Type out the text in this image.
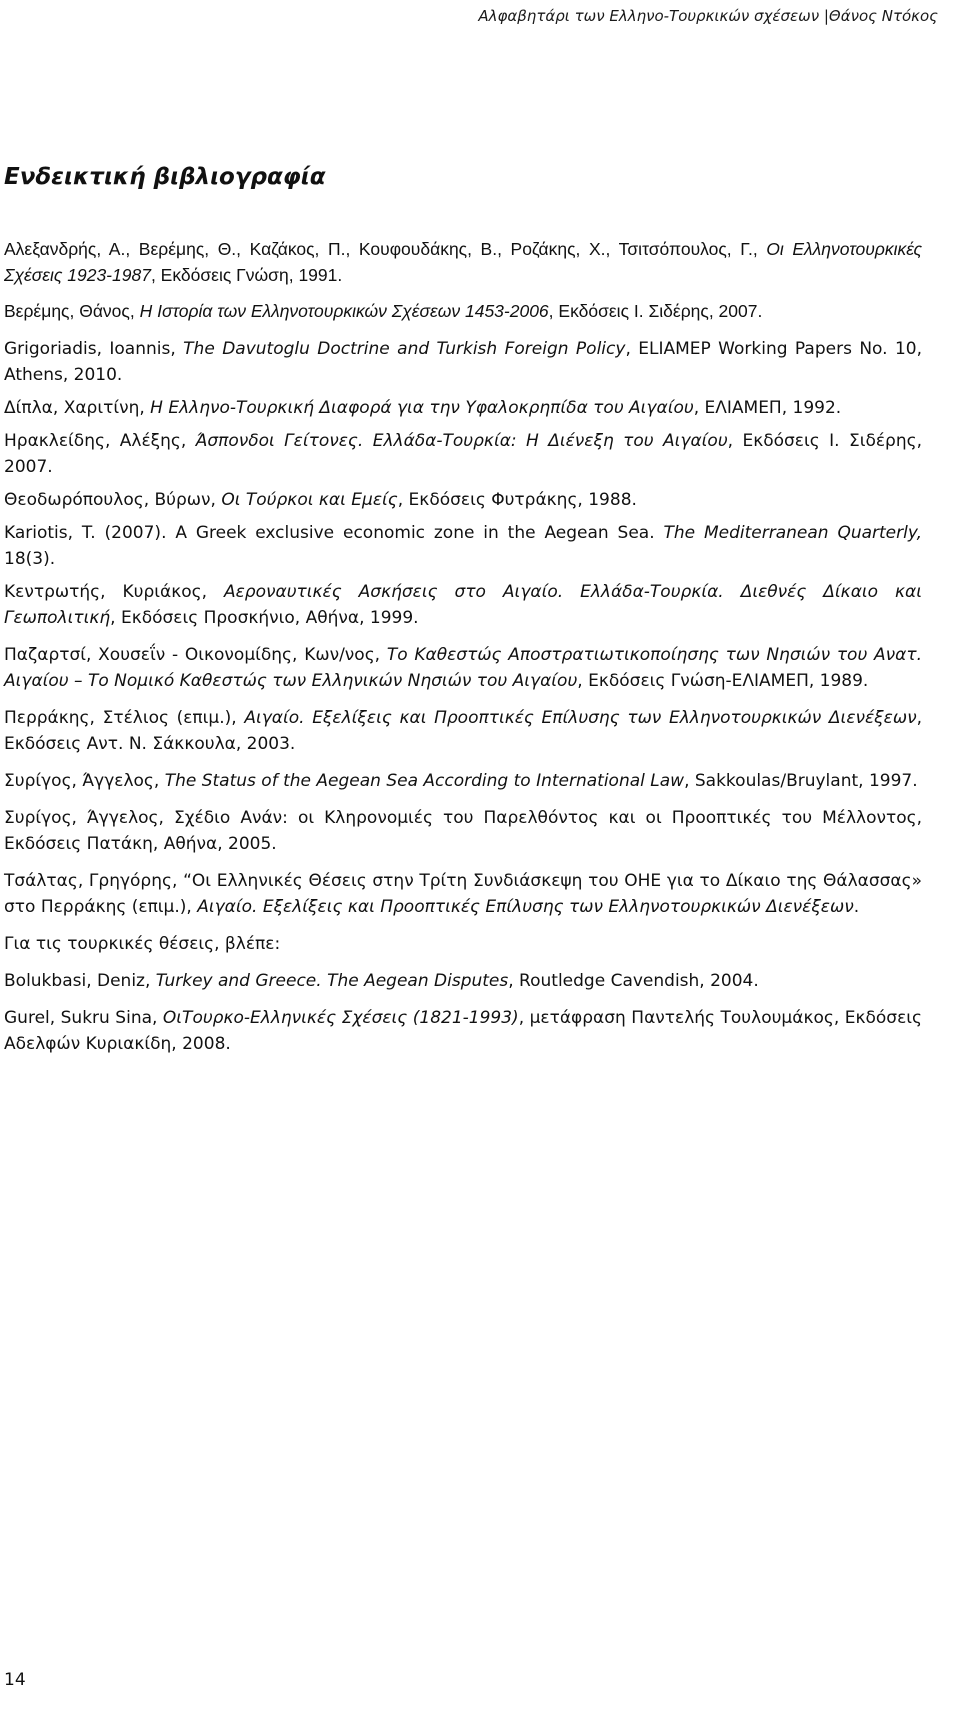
Αλφαβητάρι των Ελληνο-Τουρκικών σχέσεων |Θάνος Ντόκος
Ενδεικτική βιβλιογραφία

Αλεξανδρής, Α., Βερέμης, Θ., Καζάκος, Π., Κουφουδάκης, Β., Ροζάκης, Χ., Τσιτσόπουλος, Γ., Οι Ελληνοτουρκικές Σχέσεις 1923-1987, Εκδόσεις Γνώση, 1991.

Βερέμης, Θάνος, Η Ιστορία των Ελληνοτουρκικών Σχέσεων 1453-2006, Εκδόσεις Ι. Σιδέρης, 2007.

Grigoriadis, Ioannis, The Davutoglu Doctrine and Turkish Foreign Policy, ELIAMEP Working Papers No. 10, Athens, 2010.

Δίπλα, Χαριτίνη, Η Ελληνο-Τουρκική Διαφορά για την Υφαλοκρηπίδα του Αιγαίου, ΕΛΙΑΜΕΠ, 1992.

Ηρακλείδης, Αλέξης, Άσπονδοι Γείτονες. Ελλάδα-Τουρκία: Η Διένεξη του Αιγαίου, Εκδόσεις Ι. Σιδέρης, 2007.

Θεοδωρόπουλος, Βύρων, Οι Τούρκοι και Εμείς, Εκδόσεις Φυτράκης, 1988.

Kariotis, T. (2007). A Greek exclusive economic zone in the Aegean Sea. The Mediterranean Quarterly, 18(3).

Κεντρωτής, Κυριάκος, Αεροναυτικές Ασκήσεις στο Αιγαίο. Ελλάδα-Τουρκία. Διεθνές Δίκαιο και Γεωπολιτική, Εκδόσεις Προσκήνιο, Αθήνα, 1999.

Παζαρτσί, Χουσεΐν - Οικονομίδης, Κων/νος, Το Καθεστώς Αποστρατιωτικοποίησης των Νησιών του Ανατ. Αιγαίου – Το Νομικό Καθεστώς των Ελληνικών Νησιών του Αιγαίου, Εκδόσεις Γνώση-ΕΛΙΑΜΕΠ, 1989.

Περράκης, Στέλιος (επιμ.), Αιγαίο. Εξελίξεις και Προοπτικές Επίλυσης των Ελληνοτουρκικών Διενέξεων, Εκδόσεις Αντ. Ν. Σάκκουλα, 2003.

Συρίγος, Άγγελος, The Status of the Aegean Sea According to International Law, Sakkoulas/Bruylant, 1997.

Συρίγος, Άγγελος, Σχέδιο Ανάν: οι Κληρονομιές του Παρελθόντος και οι Προοπτικές του Μέλλοντος, Εκδόσεις Πατάκη, Αθήνα, 2005.

Τσάλτας, Γρηγόρης, “Οι Ελληνικές Θέσεις στην Τρίτη Συνδιάσκεψη του ΟΗΕ για το Δίκαιο της Θάλασσας» στο Περράκης (επιμ.), Αιγαίο. Εξελίξεις και Προοπτικές Επίλυσης των Ελληνοτουρκικών Διενέξεων.

Για τις τουρκικές θέσεις, βλέπε:

Bolukbasi, Deniz, Turkey and Greece. The Aegean Disputes, Routledge Cavendish, 2004.

Gurel, Sukru Sina, ΟιΤουρκο-Ελληνικές Σχέσεις (1821-1993), μετάφραση Παντελής Τουλουμάκος, Εκδόσεις Αδελφών Κυριακίδη, 2008.

14
